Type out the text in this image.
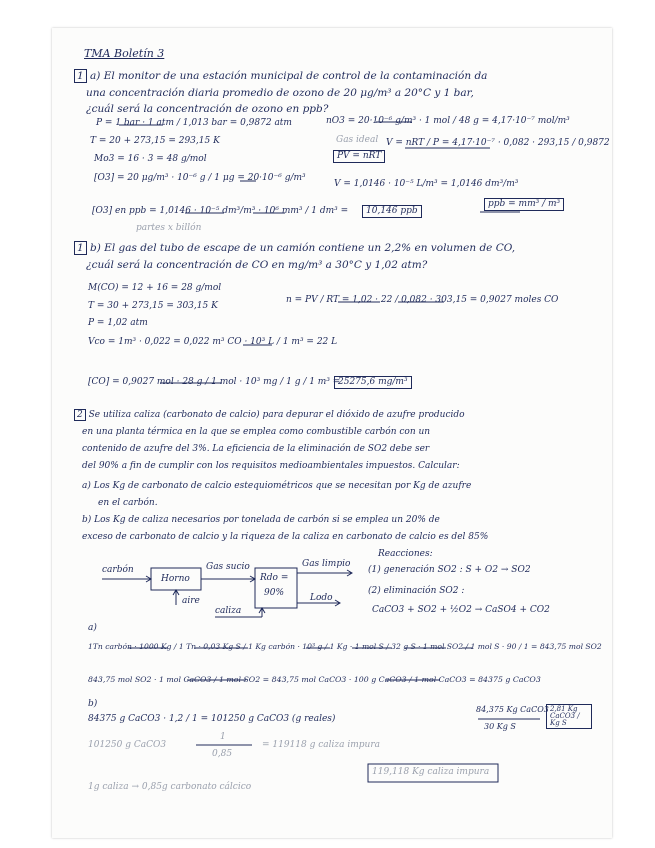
TMA Boletín 3
1 a) El monitor de una estación municipal de control de la contaminación da
una concentración diaria promedio de ozono de 20 μg/m³ a 20°C y 1 bar,
¿cuál será la concentración de ozono en ppb?
P = 1 bar · 1 atm / 1,013 bar = 0,9872 atm
T = 20 + 273,15 = 293,15 K
Mo3 = 16 · 3 = 48 g/mol
[O3] = 20 μg/m³ · 10⁻⁶ g / 1 μg = 20·10⁻⁶ g/m³
nO3 = 20·10⁻⁶ g/m³ · 1 mol / 48 g = 4,17·10⁻⁷ mol/m³
Gas ideal
PV = nRT
V = nRT / P = 4,17·10⁻⁷ · 0,082 · 293,15 / 0,9872
V = 1,0146 · 10⁻⁵ L/m³ = 1,0146 dm³/m³
ppb = mm³ / m³
[O3] en ppb = 1,0146 · 10⁻⁵ dm³/m³ · 10⁶ mm³ / 1 dm³ =	10,146 ppb
partes x billón
1 b) El gas del tubo de escape de un camión contiene un 2,2% en volumen de CO,
¿cuál será la concentración de CO en mg/m³ a 30°C y 1,02 atm?
M(CO) = 12 + 16 = 28 g/mol
T = 30 + 273,15 = 303,15 K
P = 1,02 atm
n = PV / RT = 1,02 · 22 / 0,082 · 303,15 = 0,9027 moles CO
Vco = 1m³ · 0,022 = 0,022 m³ CO · 10³ L / 1 m³ = 22 L
[CO] = 0,9027 mol · 28 g / 1 mol · 10³ mg / 1 g / 1 m³ =
25275,6 mg/m³
2 Se utiliza caliza (carbonato de calcio) para depurar el dióxido de azufre producido
en una planta térmica en la que se emplea como combustible carbón con un
contenido de azufre del 3%. La eficiencia de la eliminación de SO2 debe ser
del 90% a fin de cumplir con los requisitos medioambientales impuestos. Calcular:
a) Los Kg de carbonato de calcio estequiométricos que se necesitan por Kg de azufre
en el carbón.
b) Los Kg de caliza necesarios por tonelada de carbón si se emplea un 20% de
exceso de carbonato de calcio y la riqueza de la caliza en carbonato de calcio es del 85%
Reacciones:
(1) generación SO2 : S + O2 → SO2
(2) eliminación SO2 :
CaCO3 + SO2 + ½O2 → CaSO4 + CO2
carbón
Horno
aire
Gas sucio
Rdo =
90%
Gas limpio
caliza
Lodo
a)
1Tn carbón · 1000 Kg / 1 Tn · 0,03 Kg S / 1 Kg carbón · 10³ g / 1 Kg · 1 mol S / 32 g S · 1 mol SO2 / 1 mol S · 90 / 1 = 843,75 mol SO2
843,75 mol SO2 · 1 mol CaCO3 / 1 mol SO2 = 843,75 mol CaCO3 · 100 g CaCO3 / 1 mol CaCO3 = 84375 g CaCO3
b)
84375 g CaCO3 · 1,2 / 1 = 101250 g CaCO3 (g reales)
84,375 Kg CaCO3
30 Kg S
2,81 Kg CaCO3 / Kg S
101250 g CaCO3
1
0,85
= 119118 g caliza impura
119,118 Kg caliza impura
1g caliza → 0,85g carbonato cálcico
